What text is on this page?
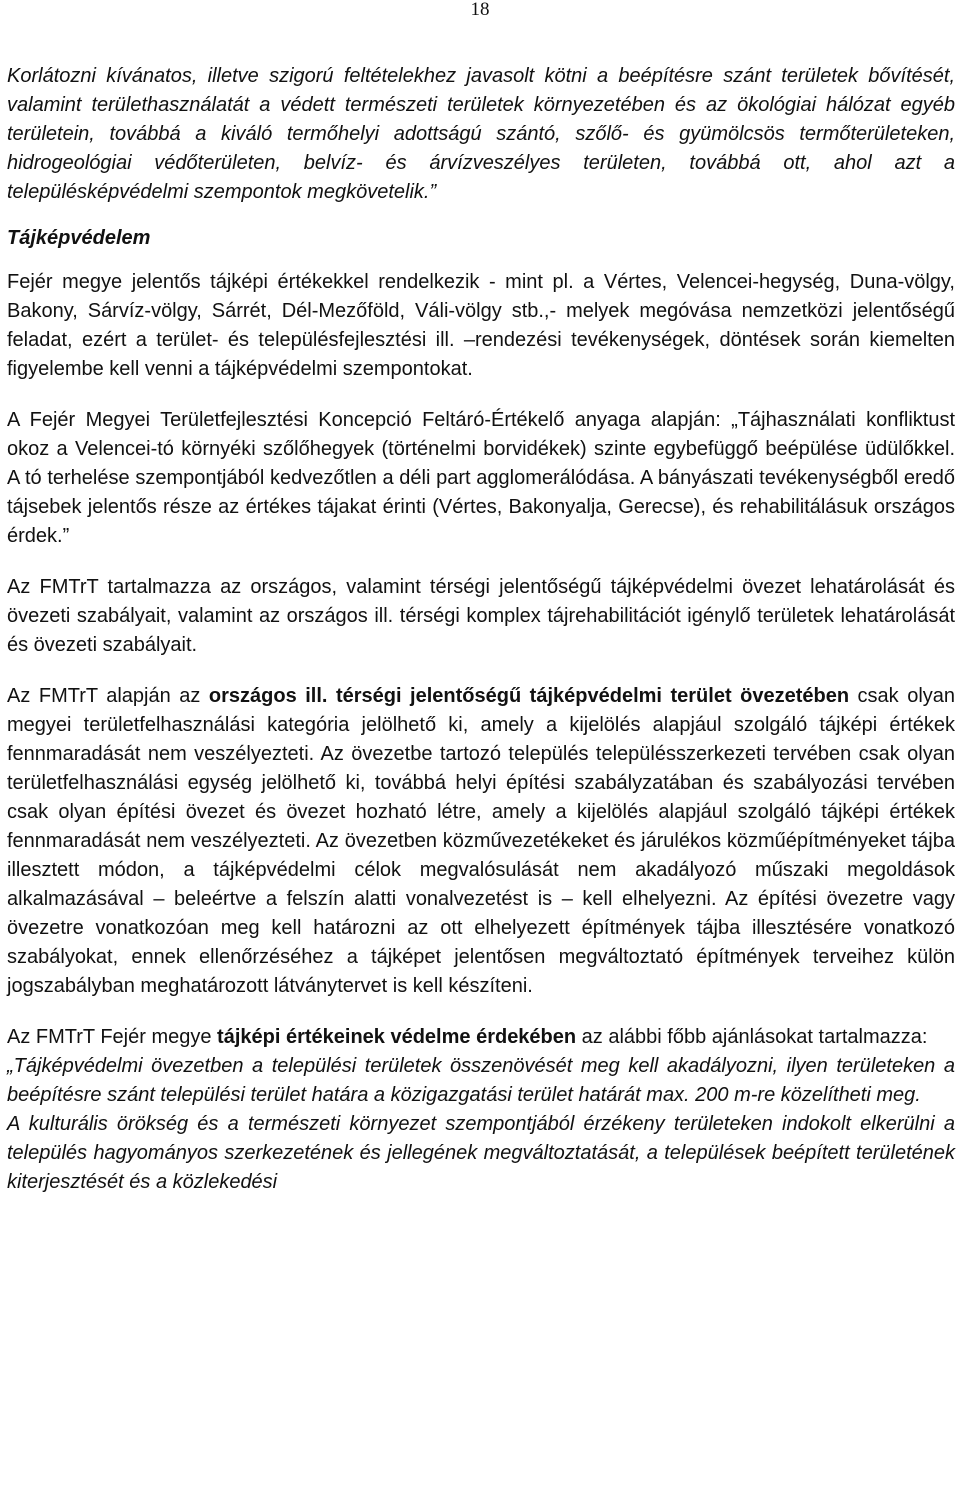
18

Korlátozni kívánatos, illetve szigorú feltételekhez javasolt kötni a beépítésre szánt területek bővítését, valamint területhasználatát a védett természeti területek környezetében és az ökológiai hálózat egyéb területein, továbbá a kiváló termőhelyi adottságú szántó, szőlő- és gyümölcsös termőterületeken, hidrogeológiai védőterületen, belvíz- és árvízveszélyes területen, továbbá ott, ahol azt a településképvédelmi szempontok megkövetelik.”

Tájképvédelem

Fejér megye jelentős tájképi értékekkel rendelkezik - mint pl. a Vértes, Velencei-hegység, Duna-völgy, Bakony, Sárvíz-völgy, Sárrét, Dél-Mezőföld, Váli-völgy stb.,- melyek megóvása nemzetközi jelentőségű feladat, ezért a terület- és településfejlesztési ill. –rendezési tevékenységek, döntések során kiemelten figyelembe kell venni a tájképvédelmi szempontokat.

A Fejér Megyei Területfejlesztési Koncepció Feltáró-Értékelő anyaga alapján: „Tájhasználati konfliktust okoz a Velencei-tó környéki szőlőhegyek (történelmi borvidékek) szinte egybefüggő beépülése üdülőkkel. A tó terhelése szempontjából kedvezőtlen a déli part agglomerálódása. A bányászati tevékenységből eredő tájsebek jelentős része az értékes tájakat érinti (Vértes, Bakonyalja, Gerecse), és rehabilitálásuk országos érdek.”

Az FMTrT tartalmazza az országos, valamint térségi jelentőségű tájképvédelmi övezet lehatárolását és övezeti szabályait, valamint az országos ill. térségi komplex tájrehabilitációt igénylő területek lehatárolását és övezeti szabályait.

Az FMTrT alapján az országos ill. térségi jelentőségű tájképvédelmi terület övezetében csak olyan megyei területfelhasználási kategória jelölhető ki, amely a kijelölés alapjául szolgáló tájképi értékek fennmaradását nem veszélyezteti. Az övezetbe tartozó település településszerkezeti tervében csak olyan területfelhasználási egység jelölhető ki, továbbá helyi építési szabályzatában és szabályozási tervében csak olyan építési övezet és övezet hozható létre, amely a kijelölés alapjául szolgáló tájképi értékek fennmaradását nem veszélyezteti. Az övezetben közművezetékeket és járulékos közműépítményeket tájba illesztett módon, a tájképvédelmi célok megvalósulását nem akadályozó műszaki megoldások alkalmazásával – beleértve a felszín alatti vonalvezetést is – kell elhelyezni. Az építési övezetre vagy övezetre vonatkozóan meg kell határozni az ott elhelyezett építmények tájba illesztésére vonatkozó szabályokat, ennek ellenőrzéséhez a tájképet jelentősen megváltoztató építmények terveihez külön jogszabályban meghatározott látványtervet is kell készíteni.

Az FMTrT Fejér megye tájképi értékeinek védelme érdekében az alábbi főbb ajánlásokat tartalmazza:

„Tájképvédelmi övezetben a települési területek összenövését meg kell akadályozni, ilyen területeken a beépítésre szánt települési terület határa a közigazgatási terület határát max. 200 m-re közelítheti meg.

A kulturális örökség és a természeti környezet szempontjából érzékeny területeken indokolt elkerülni a település hagyományos szerkezetének és jellegének megváltoztatását, a települések beépített területének kiterjesztését és a közlekedési
